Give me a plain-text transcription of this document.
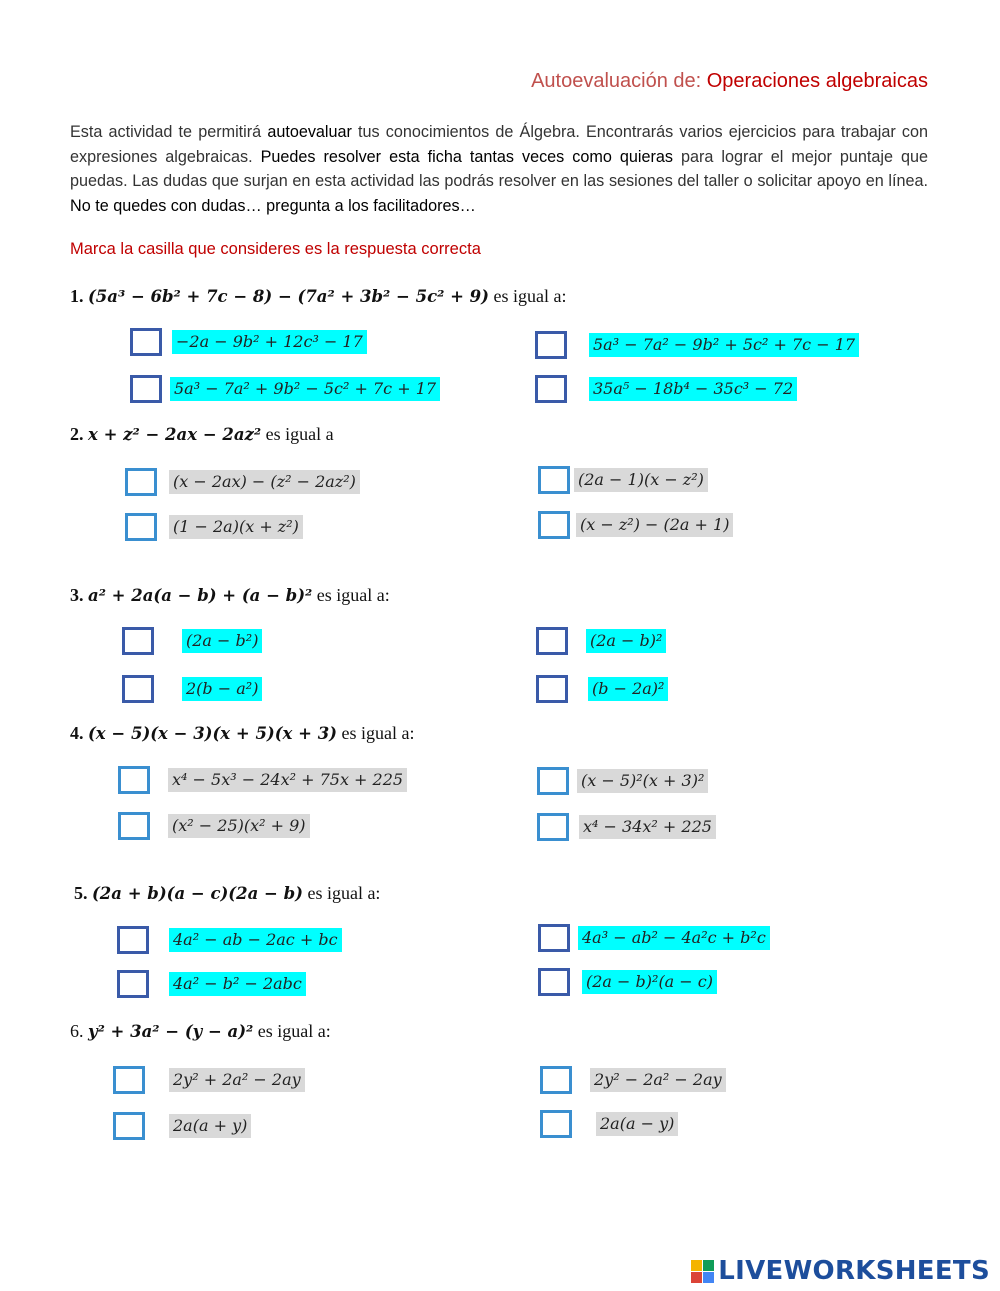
Autoevaluación de: Operaciones algebraicas
Esta actividad te permitirá autoevaluar tus conocimientos de Álgebra. Encontrarás varios ejercicios para trabajar con expresiones algebraicas. Puedes resolver esta ficha tantas veces como quieras para lograr el mejor puntaje que puedas. Las dudas que surjan en esta actividad las podrás resolver en las sesiones del taller o solicitar apoyo en línea. No te quedes con dudas… pregunta a los facilitadores…
Marca la casilla que consideres es la respuesta correcta
1. (5a³ − 6b² + 7c − 8) − (7a² + 3b² − 5c² + 9) es igual a:
−2a − 9b² + 12c³ − 17	5a³ − 7a² − 9b² + 5c² + 7c − 17
5a³ − 7a² + 9b² − 5c² + 7c + 17	35a⁵ − 18b⁴ − 35c³ − 72
2. x + z² − 2ax − 2az² es igual a
(x − 2ax) − (z² − 2az²)	(2a − 1)(x − z²)
(1 − 2a)(x + z²)	(x − z²) − (2a + 1)
3. a² + 2a(a − b) + (a − b)² es igual a:
(2a − b²)	(2a − b)²
2(b − a²)	(b − 2a)²
4. (x − 5)(x − 3)(x + 5)(x + 3) es igual a:
x⁴ − 5x³ − 24x² + 75x + 225	(x − 5)²(x + 3)²
(x² − 25)(x² + 9)	x⁴ − 34x² + 225
5. (2a + b)(a − c)(2a − b) es igual a:
4a² − ab − 2ac + bc	4a³ − ab² − 4a²c + b²c
4a² − b² − 2abc	(2a − b)²(a − c)
6. y² + 3a² − (y − a)² es igual a:
2y² + 2a² − 2ay	2y² − 2a² − 2ay
2a(a + y)	2a(a − y)
LIVEWORKSHEETS
